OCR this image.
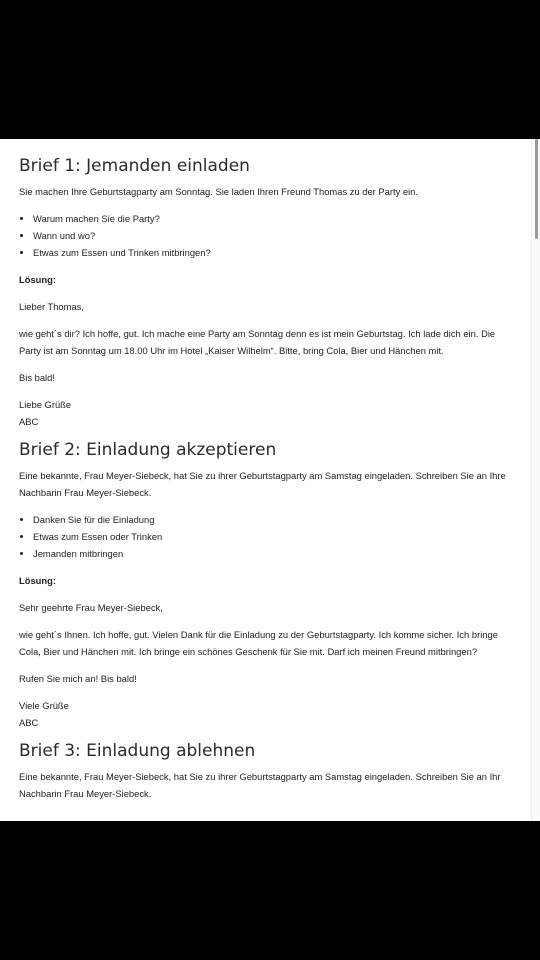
Brief 1: Jemanden einladen

Sie machen Ihre Geburtstagparty am Sonntag. Sie laden Ihren Freund Thomas zu der Party ein.

• Warum machen Sie die Party?
• Wann und wo?
• Etwas zum Essen und Trinken mitbringen?

Lösung:

Lieber Thomas,

wie geht´s dir? Ich hoffe, gut. Ich mache eine Party am Sonntag denn es ist mein Geburtstag. Ich lade dich ein. Die Party ist am Sonntag um 18.00 Uhr im Hotel „Kaiser Wilhelm“. Bitte, bring Cola, Bier und Hänchen mit.

Bis bald!

Liebe Grüße

ABC

Brief 2: Einladung akzeptieren

Eine bekannte, Frau Meyer-Siebeck, hat Sie zu ihrer Geburtstagparty am Samstag eingeladen. Schreiben Sie an Ihre Nachbarin Frau Meyer-Siebeck.

• Danken Sie für die Einladung
• Etwas zum Essen oder Trinken
• Jemanden mitbringen

Lösung:

Sehr geehrte Frau Meyer-Siebeck,

wie geht´s Ihnen. Ich hoffe, gut. Vielen Dank für die Einladung zu der Geburtstagparty. Ich komme sicher. Ich bringe Cola, Bier und Hänchen mit. Ich bringe ein schönes Geschenk für Sie mit. Darf ich meinen Freund mitbringen?

Rufen Sie mich an! Bis bald!

Viele Grüße

ABC

Brief 3: Einladung ablehnen

Eine bekannte, Frau Meyer-Siebeck, hat Sie zu ihrer Geburtstagparty am Samstag eingeladen. Schreiben Sie an Ihr Nachbarin Frau Meyer-Siebeck.
